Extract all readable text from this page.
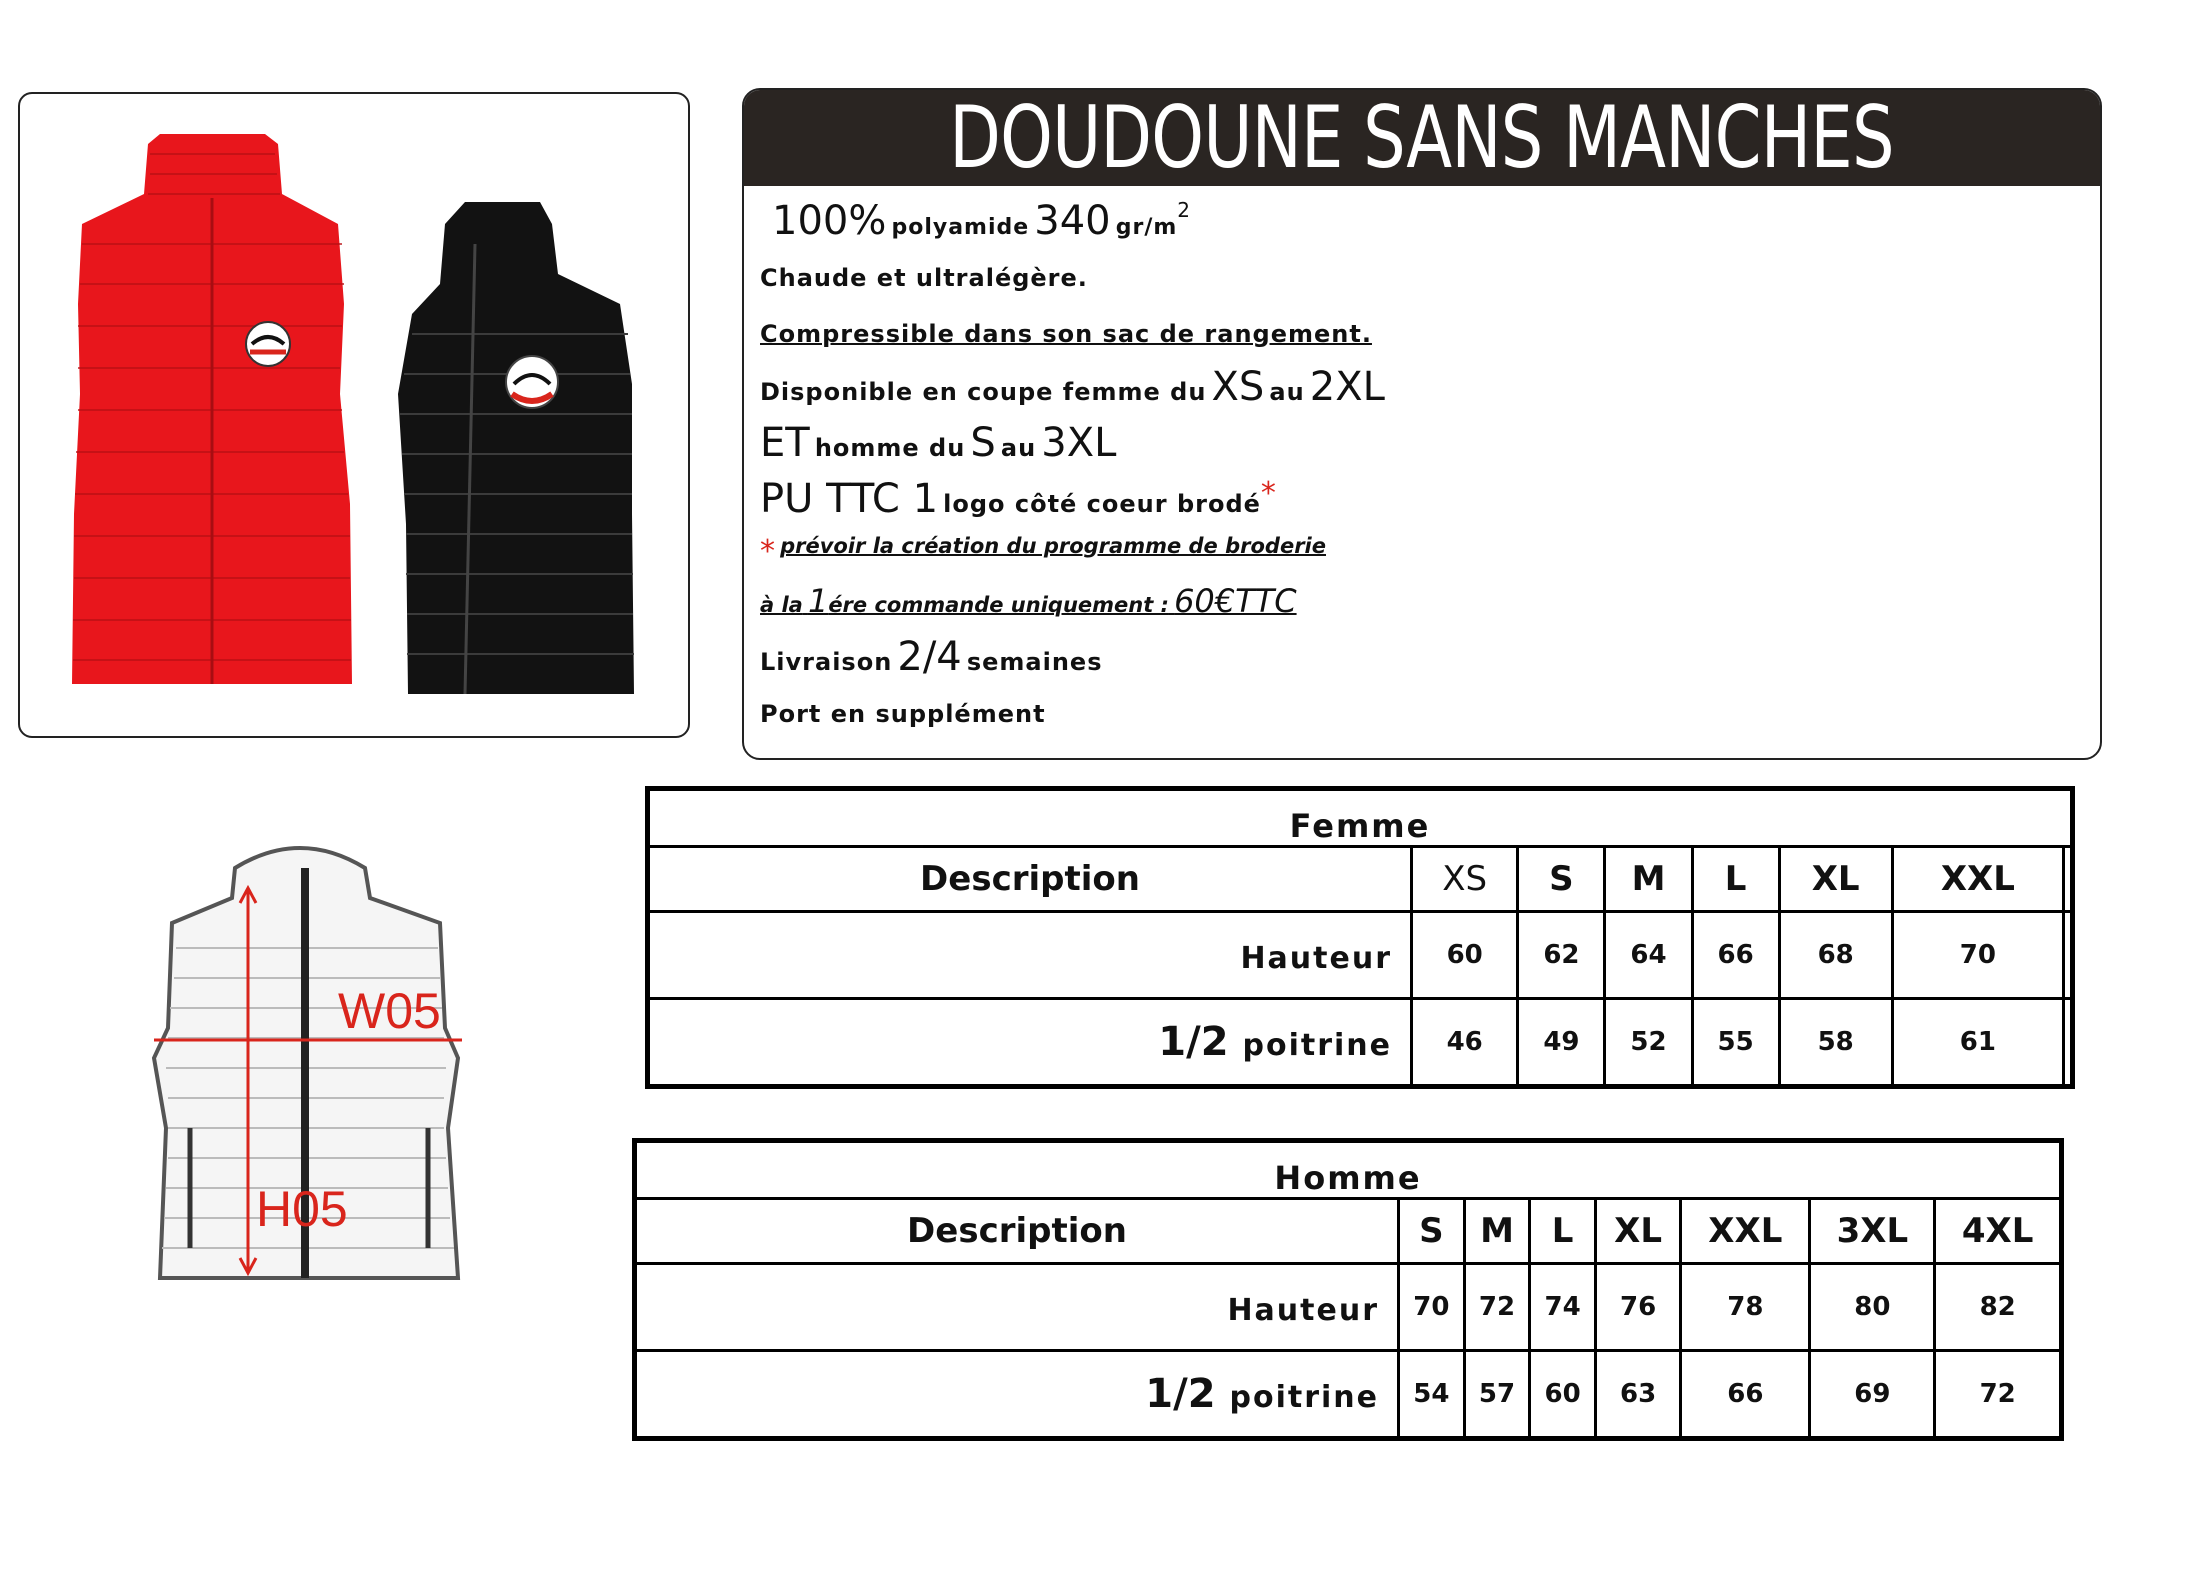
DOUDOUNE SANS MANCHES
100% polyamide 340 gr/m2
Chaude et ultralégère.
Compressible dans son sac de rangement.
Disponible en coupe femme du XS au 2XL
ET homme du S au 3XL
PU TTC 1 logo côté coeur brodé*
* prévoir la création du programme de broderie
à la 1ére commande uniquement : 60€TTC
Livraison 2/4 semaines
Port en supplément
W05
H05
Femme							
Description	XS	S	M	L	XL	XXL	
Hauteur	60	62	64	66	68	70	
1/2 poitrine	46	49	52	55	58	61	
Homme							
Description	S	M	L	XL	XXL	3XL	4XL
Hauteur	70	72	74	76	78	80	82
1/2 poitrine	54	57	60	63	66	69	72
